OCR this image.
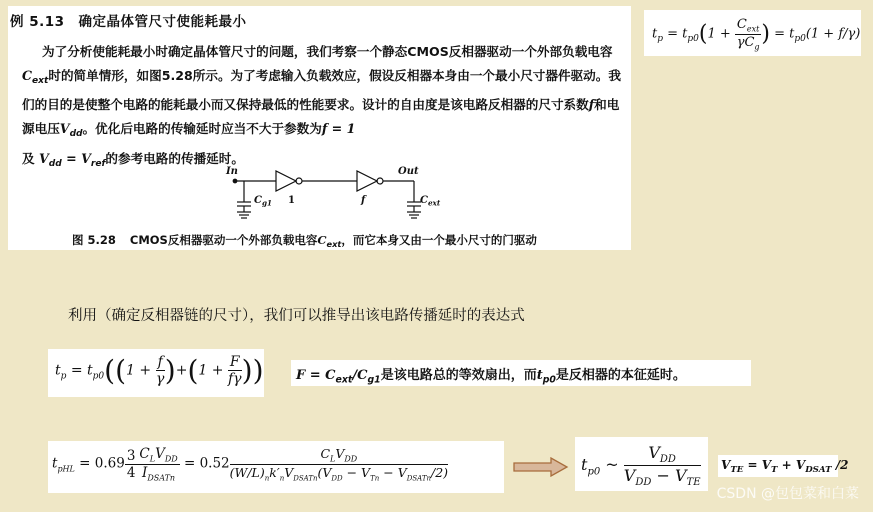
例 5.13 确定晶体管尺寸使能耗最小

为了分析使能耗最小时确定晶体管尺寸的问题，我们考察一个静态CMOS反相器驱动一个外部负载电容$C_{ext}$时的简单情形，如图5.28所示。为了考虑输入负载效应，假设反相器本身由一个最小尺寸器件驱动。我们的目的是使整个电路的能耗最小而又保持最低的性能要求。设计的自由度是该电路反相器的尺寸系数f和电源电压$V_{dd}$。优化后电路的传输延时应当不大于参数为f = 1
及 $V_{dd} = V_{ref}$的参考电路的传播延时。

In	Out
$C_{g1}$ 1	f	$C_{ext}$
图 5.28 CMOS反相器驱动一个外部负载电容$C_{ext}$，而它本身又由一个最小尺寸的门驱动
$t_p = t_{p0}(1 + \frac{C_{ext}}{\gamma C_g}$ ) = $t_{p0}(1 + f/\gamma)$
利用（确定反相器链的尺寸），我们可以推导出该电路传播延时的表达式
$t_p = t_{p0}((1 + \frac{f}{\gamma} )+(1 + \frac{F}{f\gamma}$ ))	$F = C_{ext}/C_{g1}$是该电路总的等效扇出，而$t_{p0}$是反相器的本征延时。
$t_{pHL} = 0.69 \frac{3}{4} \frac{C_LV_{DD}}{I_{DSATn}} = 0.52 \frac{C_LV_{DD}}{(W/L)_nk'_nV_{DSATn}(V_{DD} - V_{Tn} - V_{DSATn}/2)}$	$t_{p0}$ ~ $\frac{V_{DD}}{V_{DD} - V_{TE}} V_{TE} = V_T + V_{DSAT}$ /2
CSDN @包包菜和白菜
